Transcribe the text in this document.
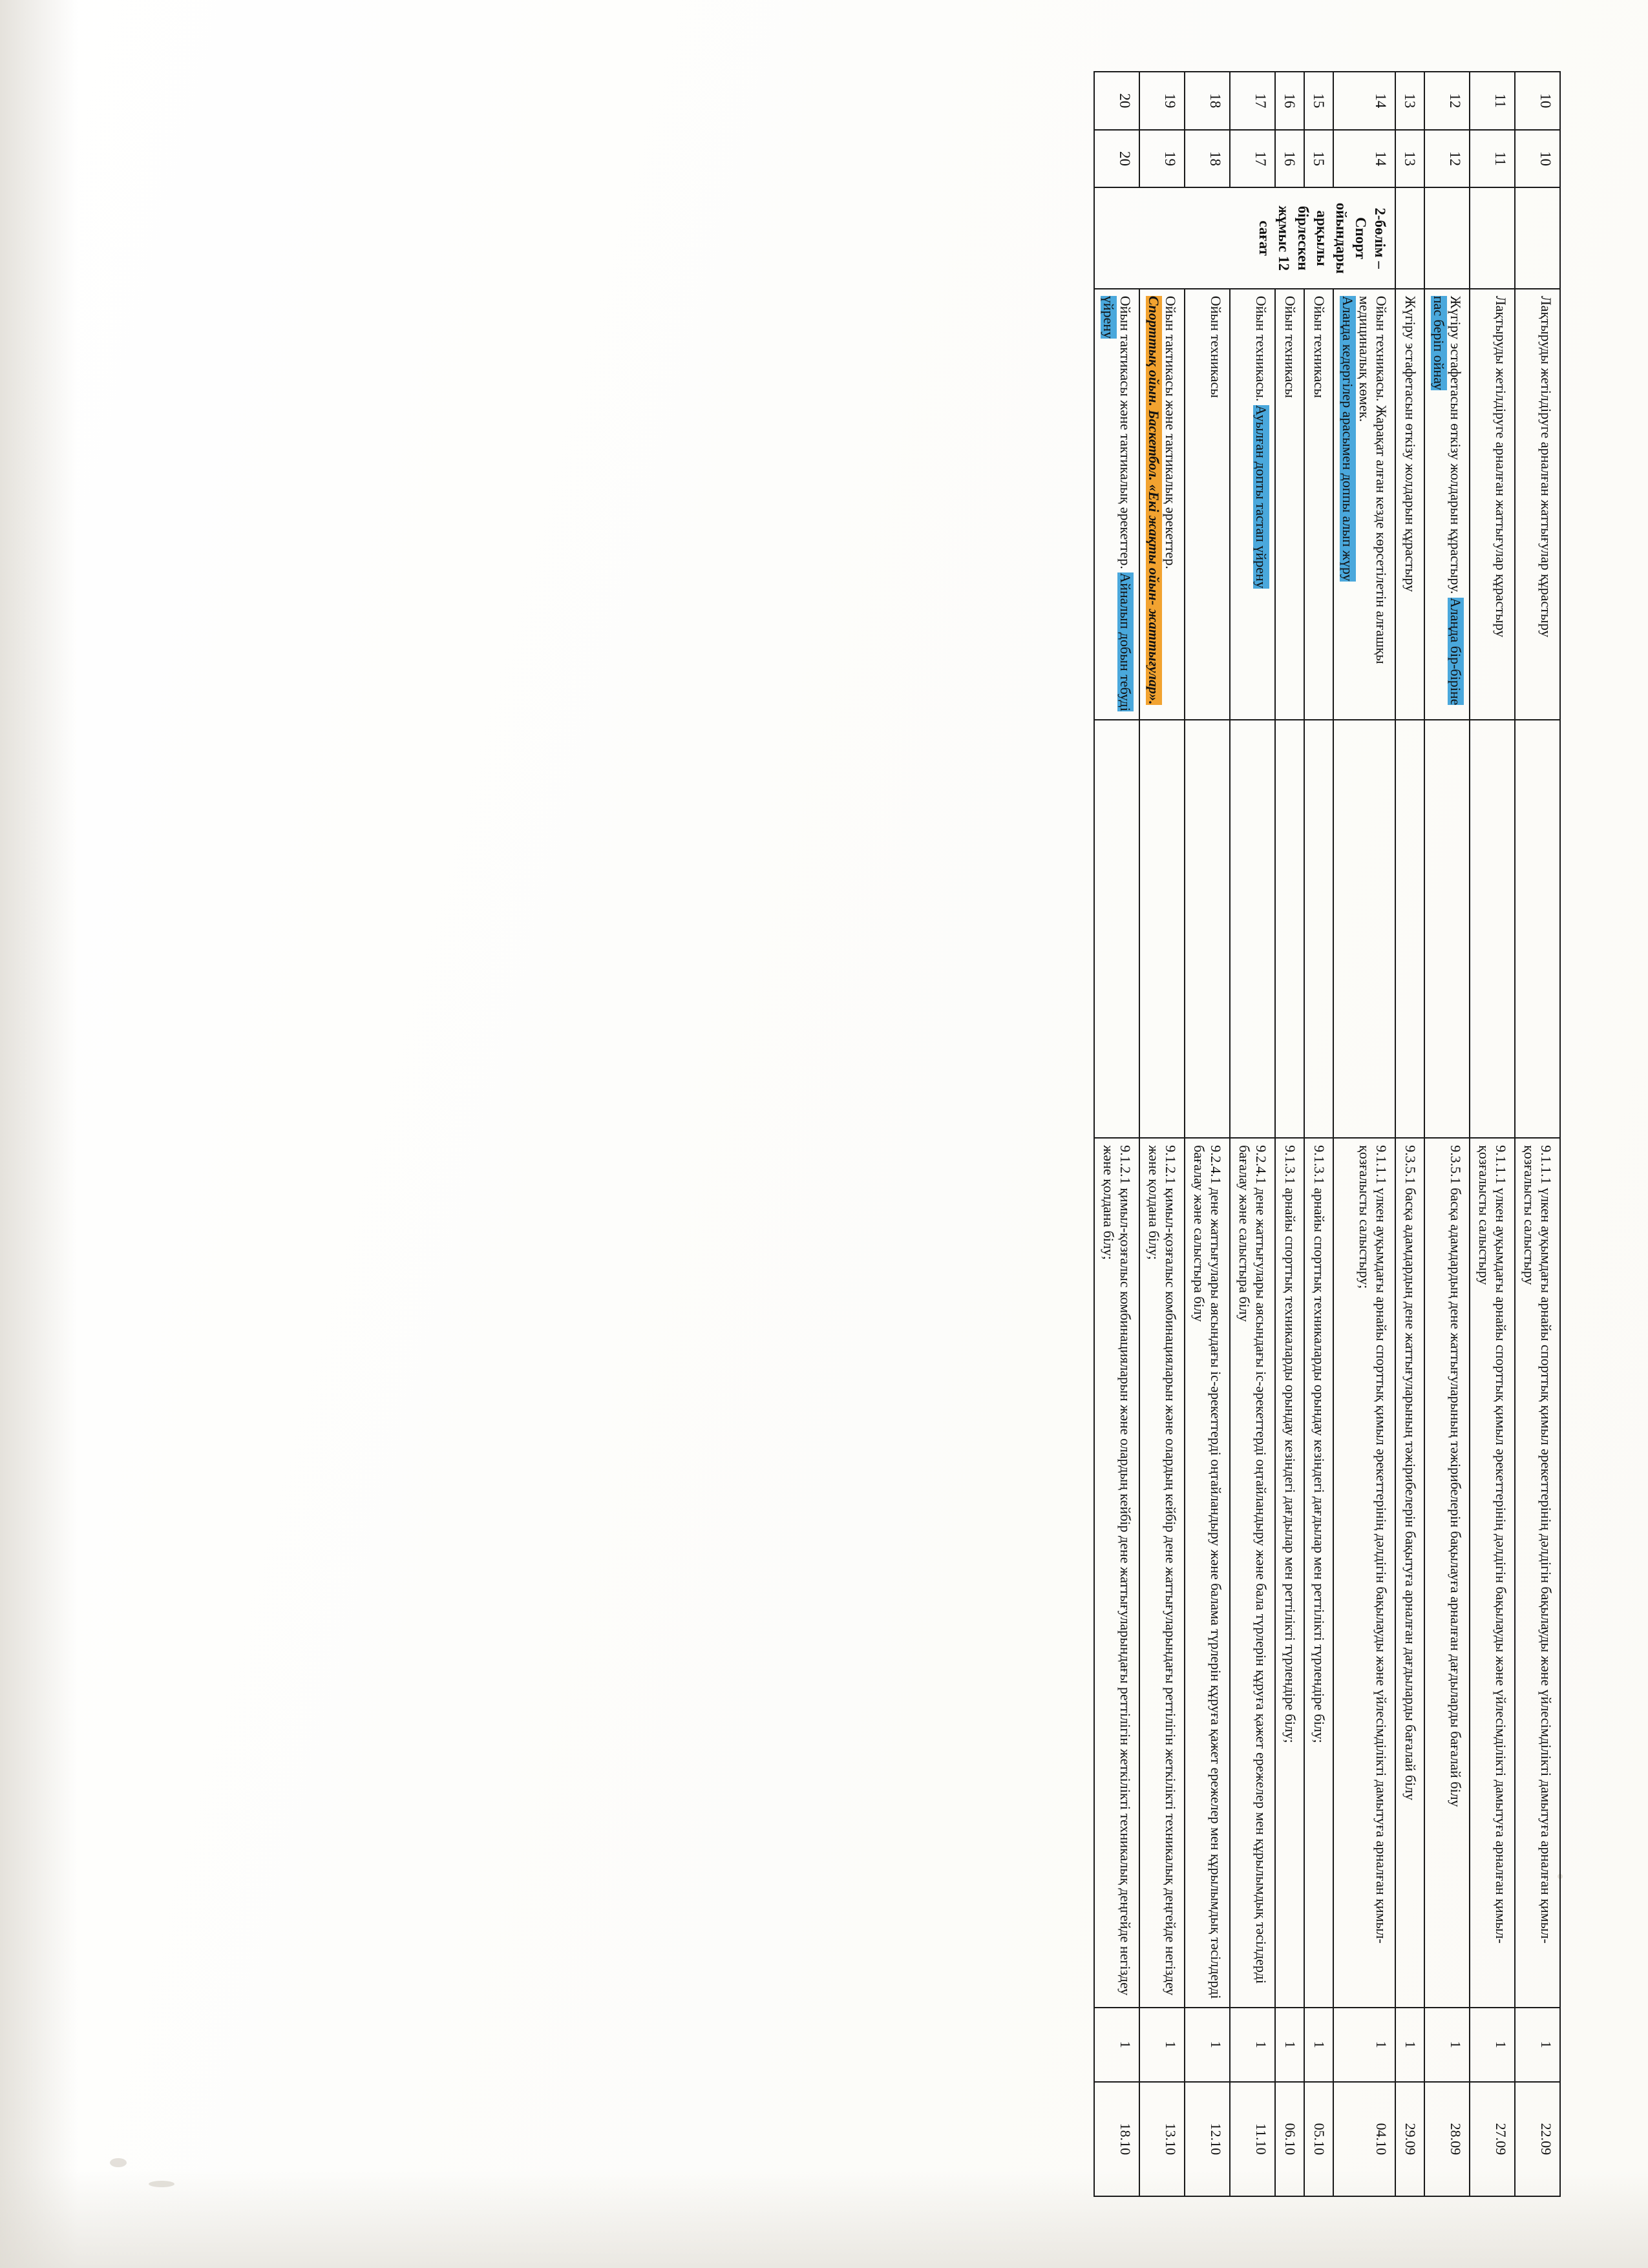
10	10		Лақтыруды жетілдіруге арналған жаттығулар құрастыру		9.1.1.1 үлкен ауқымдағы арнайы спорттық қимыл әрекеттерінің дәлдігін бақылауды және үйлесімділікті дамытуға арналған қимыл-қозғалысты салыстыру	1	22.09
11	11		Лақтыруды жетілдіруге арналған жаттығулар құрастыру		9.1.1.1 үлкен ауқымдағы арнайы спорттық қимыл әрекеттерінің дәлдігін бақылауды және үйлесімділікті дамытуға арналған қимыл-қозғалысты салыстыру	1	27.09
12	12		Жүгіру эстафетасын өткізу жолдарын құрастыру. Алаңда бір-біріне пас беріп ойнау		9.3.5.1 басқа адамдардың дене жаттығуларының тәжірибелерін бақылауға арналған дағдыларды бағалай білу	1	28.09
13	13		Жүгіру эстафетасын өткізу жолдарын құрастыру		9.3.5.1 басқа адамдардың дене жаттығуларының тәжірибелерін бақытуға арналған дағдыларды бағалай білу	1	29.09
14	14	2-бөлім – Спорт ойындары арқылы бірлескен жұмыс 12 сағат	Ойын техникасы. Жарақат алған кезде көрсетілетін алғашқы медициналық көмек.
Алаңда кедергілер арасымен доппы алып жүру		9.1.1.1 үлкен ауқымдағы арнайы спорттық қимыл әрекеттерінің дәлдігін бақылауды және үйлесімділікті дамытуға арналған қимыл-қозғалысты салыстыру;	1	04.10
15	15		Ойын техникасы		9.1.3.1 арнайы спорттық техникаларды орындау кезіндегі дағдылар мен реттілікті түрлендіре білу;	1	05.10
16	16		Ойын техникасы		9.1.3.1 арнайы спорттық техникаларды орындау кезіндегі дағдылар мен реттілікті түрлендіре білу;	1	06.10
17	17		Ойын техникасы. Ауылған допты тастап үйрену		9.2.4.1 дене жаттығулары аясындағы іс-әрекеттерді оңтайландыру және бала түрлерін құруға қажет ережелер мен құрылымдық тәсілдерді бағалау және салыстыра білу	1	11.10
18	18		Ойын техникасы		9.2.4.1 дене жаттығулары аясындағы іс-әрекеттерді оңтайландыру және балама түрлерін құруға қажет ережелер мен құрылымдық тәсілдерді бағалау және салыстыра білу	1	12.10
19	19		Ойын тактикасы және тактикалық әрекеттер.
Спорттық ойын. Баскетбол. «Екі жақты ойын- жаттығулар».		9.1.2.1 қимыл-қозғалыс комбинацияларын және олардың кейбір дене жаттығуларындағы реттілігін жеткілікті техникалық деңгейде негіздеу және қолдана білу;	1	13.10
20	20		Ойын тактикасы және тактикалық әрекеттер. Айналып добын тебуді үйрену		9.1.2.1 қимыл-қозғалыс комбинацияларын және олардың кейбір дене жаттығуларындағы реттілігін жеткілікті техникалық деңгейде негіздеу және қолдана білу;	1	18.10
